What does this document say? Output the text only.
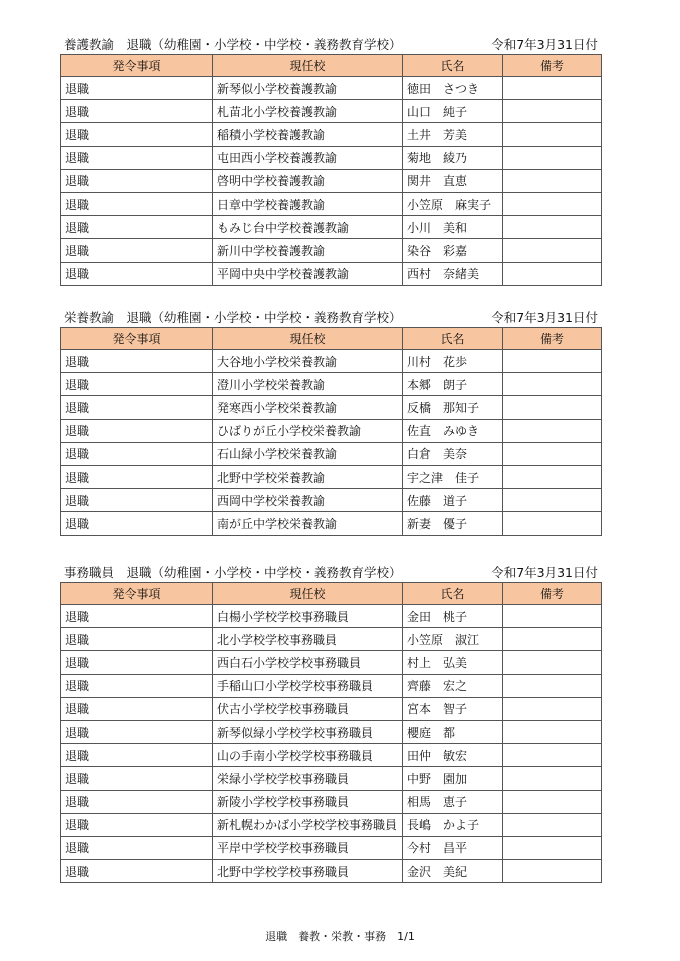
養護教諭　退職（幼稚園・小学校・中学校・義務教育学校）	令和7年3月31日付
発令事項	現任校	氏名	備考
退職	新琴似小学校養護教諭	徳田　さつき	
退職	札苗北小学校養護教諭	山口　純子	
退職	稲積小学校養護教諭	土井　芳美	
退職	屯田西小学校養護教諭	菊地　綾乃	
退職	啓明中学校養護教諭	関井　直恵	
退職	日章中学校養護教諭	小笠原　麻実子	
退職	もみじ台中学校養護教諭	小川　美和	
退職	新川中学校養護教諭	染谷　彩嘉	
退職	平岡中央中学校養護教諭	西村　奈緒美	
栄養教諭　退職（幼稚園・小学校・中学校・義務教育学校）	令和7年3月31日付
発令事項	現任校	氏名	備考
退職	大谷地小学校栄養教諭	川村　花歩	
退職	澄川小学校栄養教諭	本郷　朗子	
退職	発寒西小学校栄養教諭	反橋　那知子	
退職	ひばりが丘小学校栄養教諭	佐直　みゆき	
退職	石山緑小学校栄養教諭	白倉　美奈	
退職	北野中学校栄養教諭	宇之津　佳子	
退職	西岡中学校栄養教諭	佐藤　道子	
退職	南が丘中学校栄養教諭	新妻　優子	
事務職員　退職（幼稚園・小学校・中学校・義務教育学校）	令和7年3月31日付
発令事項	現任校	氏名	備考
退職	白楊小学校学校事務職員	金田　桃子	
退職	北小学校学校事務職員	小笠原　淑江	
退職	西白石小学校学校事務職員	村上　弘美	
退職	手稲山口小学校学校事務職員	齊藤　宏之	
退職	伏古小学校学校事務職員	宮本　智子	
退職	新琴似緑小学校学校事務職員	櫻庭　都	
退職	山の手南小学校学校事務職員	田仲　敏宏	
退職	栄緑小学校学校事務職員	中野　園加	
退職	新陵小学校学校事務職員	相馬　恵子	
退職	新札幌わかば小学校学校事務職員	長嶋　かよ子	
退職	平岸中学校学校事務職員	今村　昌平	
退職	北野中学校学校事務職員	金沢　美紀	
退職　養教・栄教・事務　1/1
